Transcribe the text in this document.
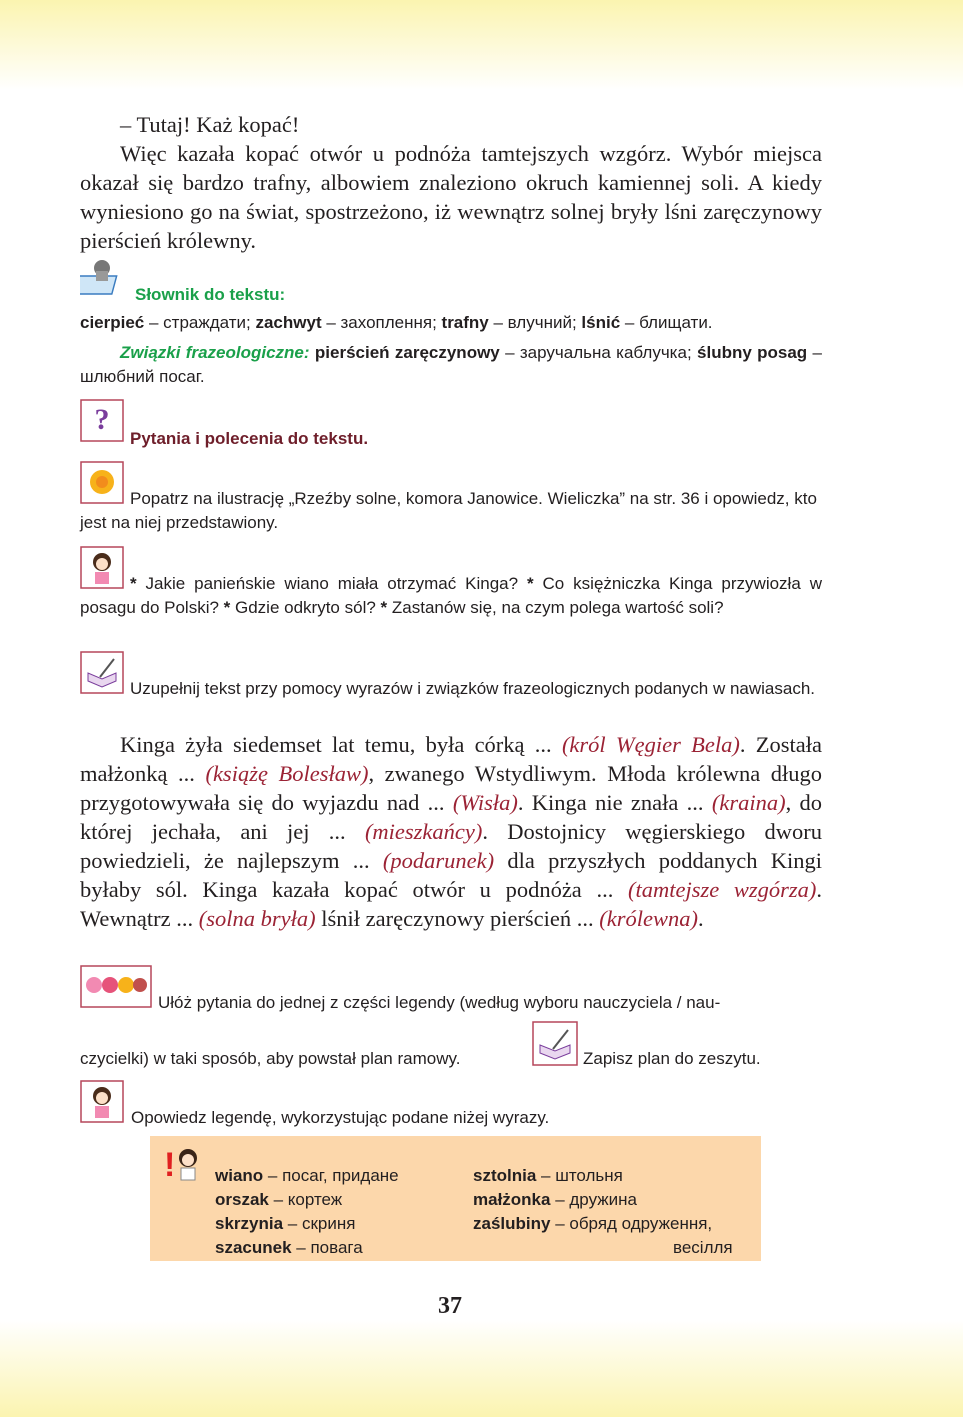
– Tutaj! Każ kopać!
Więc kazała kopać otwór u podnóża tamtejszych wzgórz. Wybór miejsca okazał się bardzo trafny, albowiem znaleziono okruch kamiennej soli. A kiedy wyniesiono go na świat, spostrzeżono, iż wewnątrz solnej bryły lśni zaręczynowy pierścień królewny.
Słownik do tekstu:
cierpieć – страждати; zachwyt – захоплення; trafny – влучний; lśnić – блищати.
Związki frazeologiczne: pierścień zaręczynowy – заручальна каблучка; ślubny posag – шлюбний посаг.
?
Pytania i polecenia do tekstu.
Popatrz na ilustrację „Rzeźby solne, komora Janowice. Wieliczka” na str. 36 i opowiedz, kto jest na niej przedstawiony.
* Jakie panieńskie wiano miała otrzymać Kinga? * Co księżniczka Kinga przywiozła w posagu do Polski? * Gdzie odkryto sól? * Zastanów się, na czym polega wartość soli?
Uzupełnij tekst przy pomocy wyrazów i związków frazeologicznych podanych w nawiasach.
Kinga żyła siedemset lat temu, była córką ... (król Węgier Bela). Została małżonką ... (książę Bolesław), zwanego Wstydliwym. Młoda królewna długo przygotowywała się do wyjazdu nad ... (Wisła). Kinga nie znała ... (kraina), do której jechała, ani jej ... (mieszkańcy). Dostojnicy węgierskiego dworu powiedzieli, że najlepszym ... (podarunek) dla przyszłych poddanych Kingi byłaby sól. Kinga kazała kopać otwór u podnóża ... (tamtejsze wzgórza). Wewnątrz ... (solna bryła) lśnił zaręczynowy pierścień ... (królewna).
Ułóż pytania do jednej z części legendy (według wyboru nauczyciela / nau-
czycielki) w taki sposób, aby powstał plan ramowy.	Zapisz plan do zeszytu.
Opowiedz legendę, wykorzystując podane niżej wyrazy.
! wiano – посаг, придане
orszak – кортеж
skrzynia – скриня
szacunek – повага
sztolnia – штольня
małżonka – дружина
zaślubiny – обряд одруження,
весілля
37
